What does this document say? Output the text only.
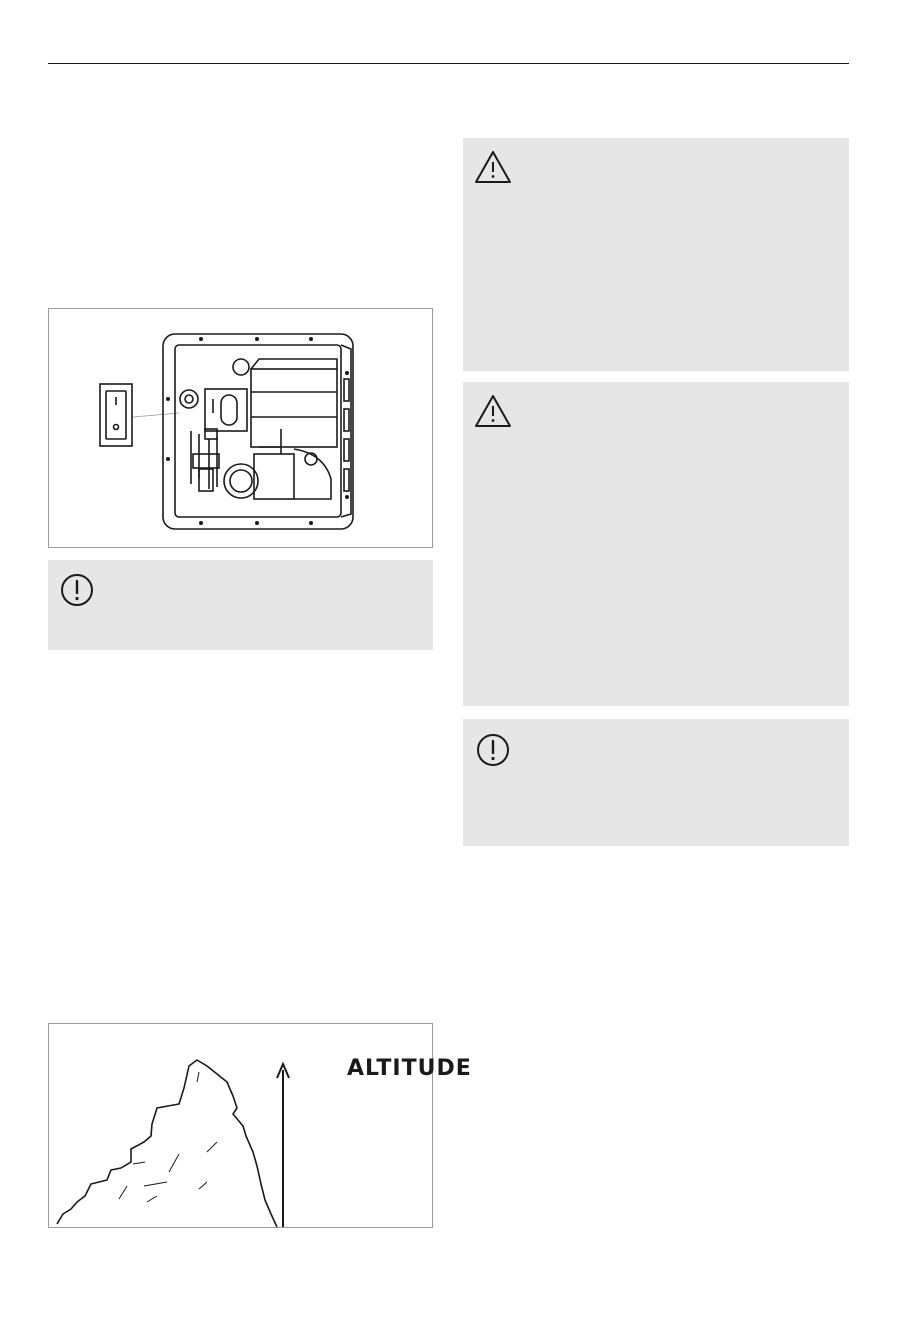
ALTITUDE
